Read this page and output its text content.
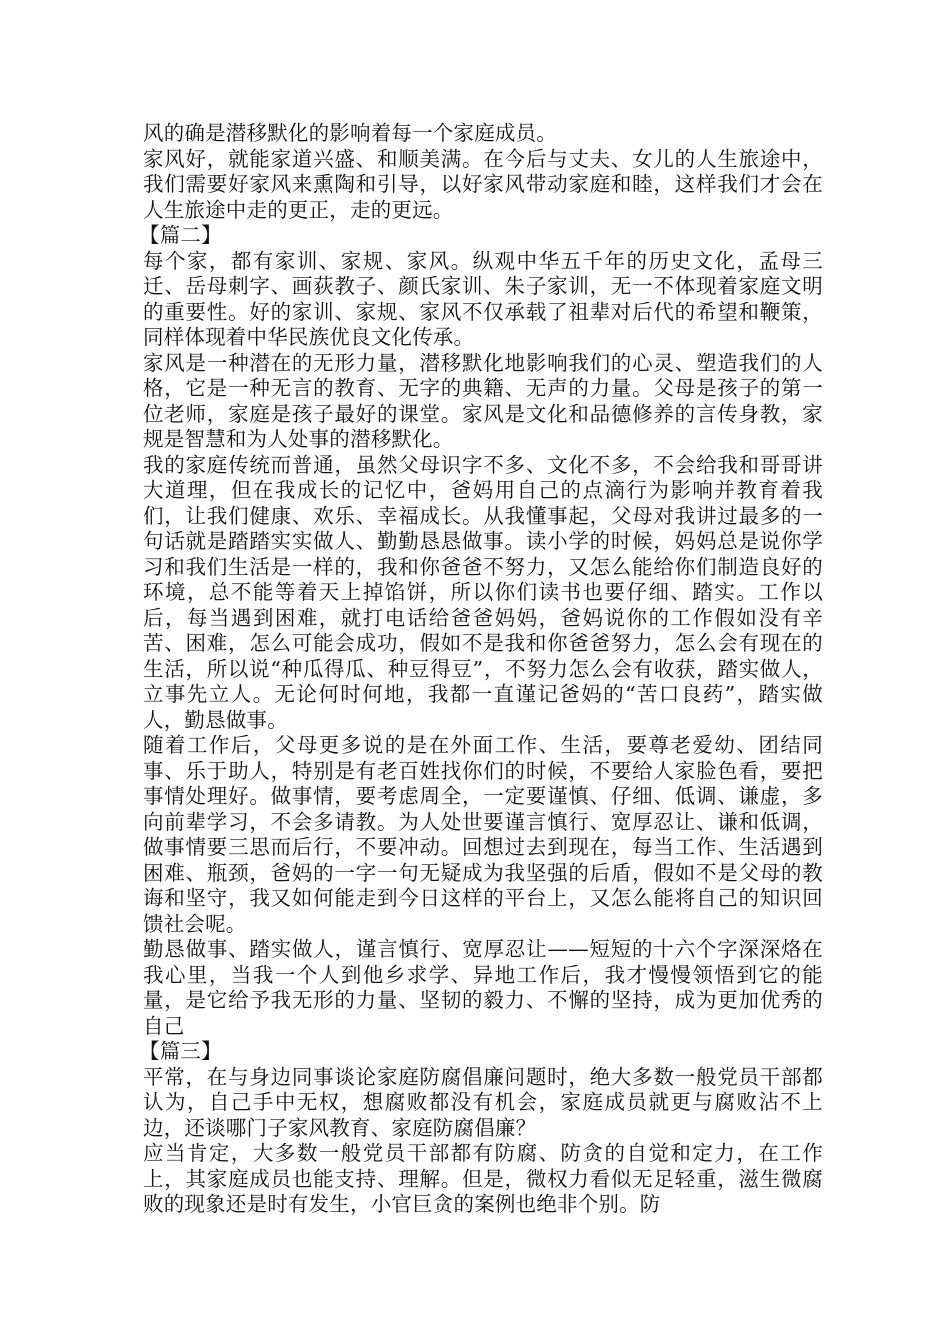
风的确是潜移默化的影响着每一个家庭成员。

家风好，就能家道兴盛、和顺美满。在今后与丈夫、女儿的人生旅途中，我们需要好家风来熏陶和引导，以好家风带动家庭和睦，这样我们才会在人生旅途中走的更正，走的更远。

【篇二】

每个家，都有家训、家规、家风。纵观中华五千年的历史文化，孟母三迁、岳母刺字、画荻教子、颜氏家训、朱子家训，无一不体现着家庭文明的重要性。好的家训、家规、家风不仅承载了祖辈对后代的希望和鞭策，同样体现着中华民族优良文化传承。

家风是一种潜在的无形力量，潜移默化地影响我们的心灵、塑造我们的人格，它是一种无言的教育、无字的典籍、无声的力量。父母是孩子的第一位老师，家庭是孩子最好的课堂。家风是文化和品德修养的言传身教，家规是智慧和为人处事的潜移默化。

我的家庭传统而普通，虽然父母识字不多、文化不多，不会给我和哥哥讲大道理，但在我成长的记忆中，爸妈用自己的点滴行为影响并教育着我们，让我们健康、欢乐、幸福成长。从我懂事起，父母对我讲过最多的一句话就是踏踏实实做人、勤勤恳恳做事。读小学的时候，妈妈总是说你学习和我们生活是一样的，我和你爸爸不努力，又怎么能给你们制造良好的环境，总不能等着天上掉馅饼，所以你们读书也要仔细、踏实。工作以后，每当遇到困难，就打电话给爸爸妈妈，爸妈说你的工作假如没有辛苦、困难，怎么可能会成功，假如不是我和你爸爸努力，怎么会有现在的生活，所以说“种瓜得瓜、种豆得豆”，不努力怎么会有收获，踏实做人，立事先立人。无论何时何地，我都一直谨记爸妈的“苦口良药”，踏实做人，勤恳做事。

随着工作后，父母更多说的是在外面工作、生活，要尊老爱幼、团结同事、乐于助人，特别是有老百姓找你们的时候，不要给人家脸色看，要把事情处理好。做事情，要考虑周全，一定要谨慎、仔细、低调、谦虚，多向前辈学习，不会多请教。为人处世要谨言慎行、宽厚忍让、谦和低调，做事情要三思而后行，不要冲动。回想过去到现在，每当工作、生活遇到困难、瓶颈，爸妈的一字一句无疑成为我坚强的后盾，假如不是父母的教诲和坚守，我又如何能走到今日这样的平台上，又怎么能将自己的知识回馈社会呢。

勤恳做事、踏实做人，谨言慎行、宽厚忍让——短短的十六个字深深烙在我心里，当我一个人到他乡求学、异地工作后，我才慢慢领悟到它的能量，是它给予我无形的力量、坚韧的毅力、不懈的坚持，成为更加优秀的自己

【篇三】

平常，在与身边同事谈论家庭防腐倡廉问题时，绝大多数一般党员干部都认为，自己手中无权，想腐败都没有机会，家庭成员就更与腐败沾不上边，还谈哪门子家风教育、家庭防腐倡廉？

应当肯定，大多数一般党员干部都有防腐、防贪的自觉和定力，在工作上，其家庭成员也能支持、理解。但是，微权力看似无足轻重，滋生微腐败的现象还是时有发生，小官巨贪的案例也绝非个别。防
